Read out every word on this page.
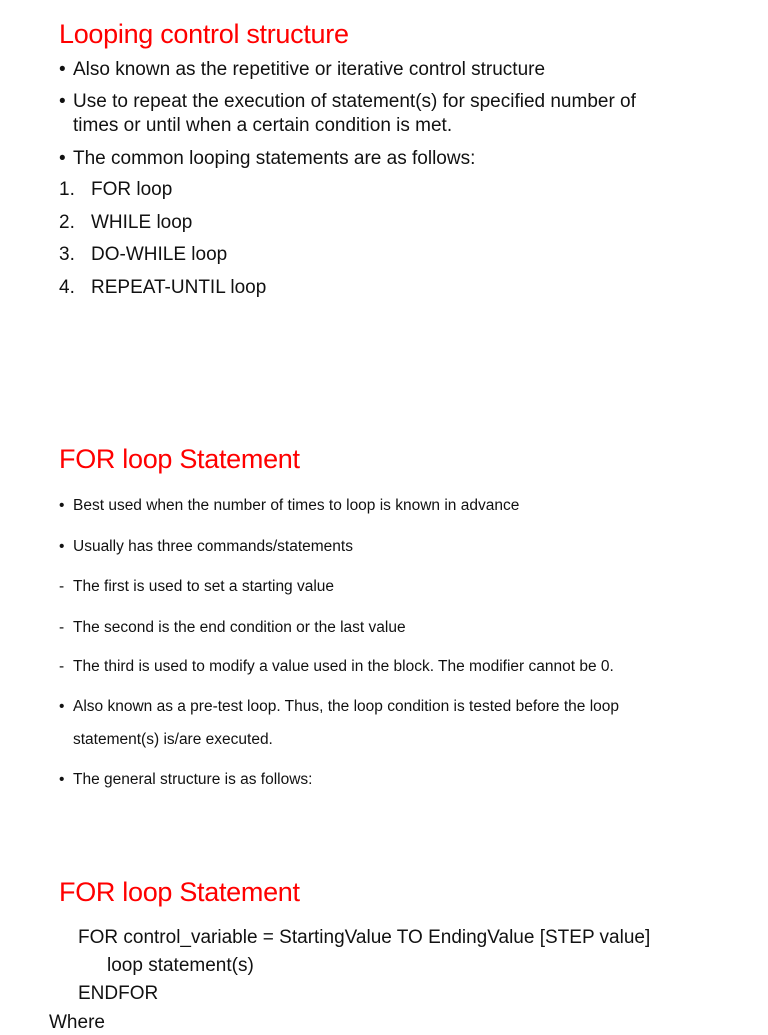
Looping control structure
• Also known as the repetitive or iterative control structure
• Use to repeat the execution of statement(s) for specified number of
times or until when a certain condition is met.
• The common looping statements are as follows:
1. FOR loop
2. WHILE loop
3. DO-WHILE loop
4. REPEAT-UNTIL loop
FOR loop Statement
• Best used when the number of times to loop is known in advance
• Usually has three commands/statements
- The first is used to set a starting value
- The second is the end condition or the last value
- The third is used to modify a value used in the block. The modifier cannot be 0.
• Also known as a pre-test loop. Thus, the loop condition is tested before the loop
statement(s) is/are executed.
• The general structure is as follows:
FOR loop Statement

FOR control_variable = StartingValue TO EndingValue [STEP value]

loop statement(s)

ENDFOR

Where
